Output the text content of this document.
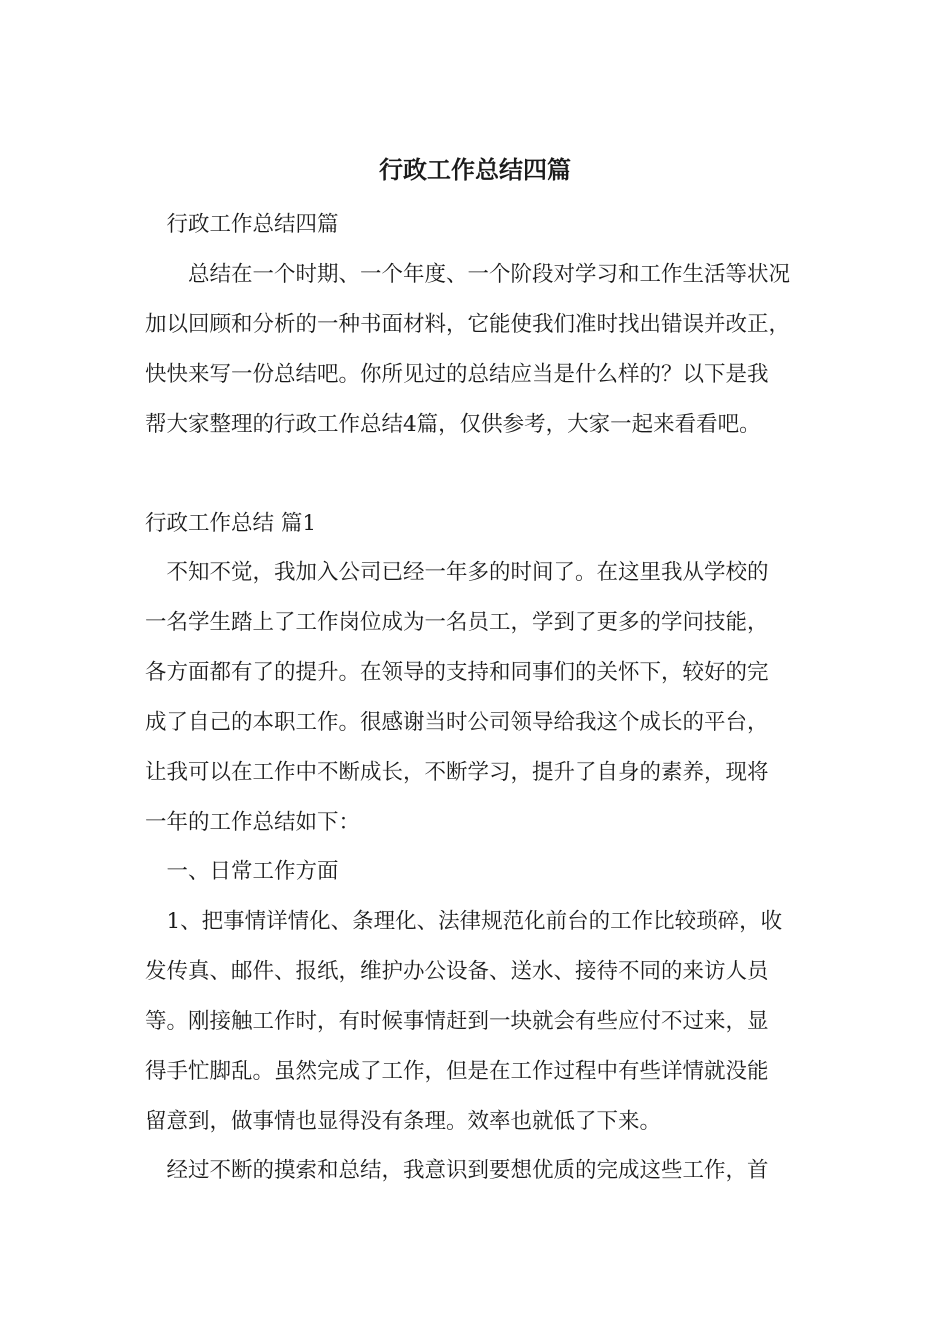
行政工作总结四篇

　行政工作总结四篇

　　总结在一个时期、一个年度、一个阶段对学习和工作生活等状况

加以回顾和分析的一种书面材料，它能使我们准时找出错误并改正，

快快来写一份总结吧。你所见过的总结应当是什么样的？以下是我

帮大家整理的行政工作总结4篇，仅供参考，大家一起来看看吧。

行政工作总结 篇1

　不知不觉，我加入公司已经一年多的时间了。在这里我从学校的

一名学生踏上了工作岗位成为一名员工，学到了更多的学问技能，

各方面都有了的提升。在领导的支持和同事们的关怀下，较好的完

成了自己的本职工作。很感谢当时公司领导给我这个成长的平台，

让我可以在工作中不断成长，不断学习，提升了自身的素养，现将

一年的工作总结如下：

　一、日常工作方面

　1、把事情详情化、条理化、法律规范化前台的工作比较琐碎，收

发传真、邮件、报纸，维护办公设备、送水、接待不同的来访人员

等。刚接触工作时，有时候事情赶到一块就会有些应付不过来，显

得手忙脚乱。虽然完成了工作，但是在工作过程中有些详情就没能

留意到，做事情也显得没有条理。效率也就低了下来。

　经过不断的摸索和总结，我意识到要想优质的完成这些工作，首
